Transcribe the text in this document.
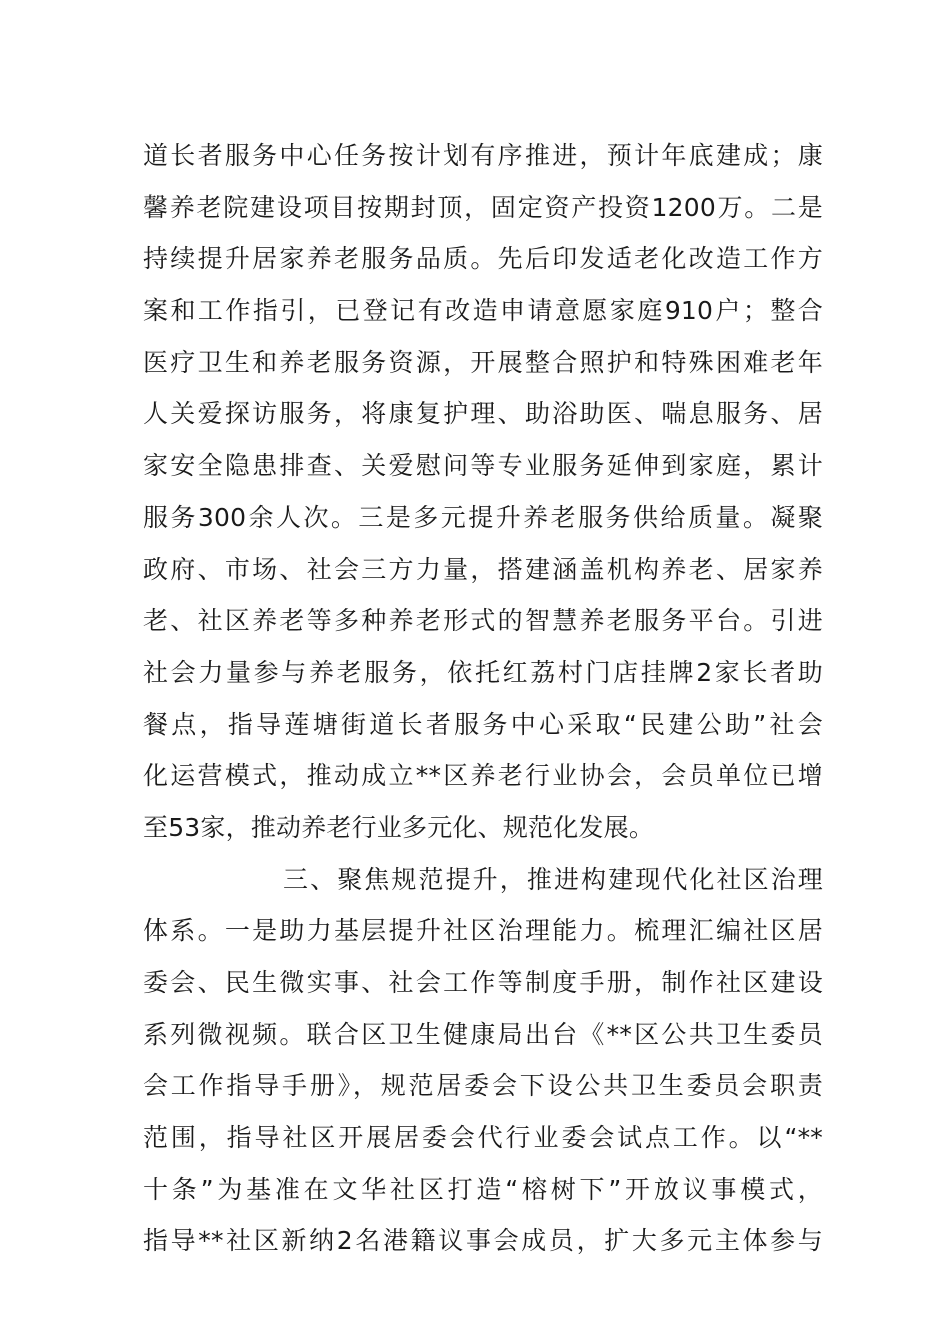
道长者服务中心任务按计划有序推进，预计年底建成；康
馨养老院建设项目按期封顶，固定资产投资1200万。二是
持续提升居家养老服务品质。先后印发适老化改造工作方
案和工作指引，已登记有改造申请意愿家庭910户；整合
医疗卫生和养老服务资源，开展整合照护和特殊困难老年
人关爱探访服务，将康复护理、助浴助医、喘息服务、居
家安全隐患排查、关爱慰问等专业服务延伸到家庭，累计
服务300余人次。三是多元提升养老服务供给质量。凝聚
政府、市场、社会三方力量，搭建涵盖机构养老、居家养
老、社区养老等多种养老形式的智慧养老服务平台。引进
社会力量参与养老服务，依托红荔村门店挂牌2家长者助
餐点，指导莲塘街道长者服务中心采取“民建公助”社会
化运营模式，推动成立**区养老行业协会，会员单位已增
至53家，推动养老行业多元化、规范化发展。
三、聚焦规范提升，推进构建现代化社区治理
体系。一是助力基层提升社区治理能力。梳理汇编社区居
委会、民生微实事、社会工作等制度手册，制作社区建设
系列微视频。联合区卫生健康局出台《**区公共卫生委员
会工作指导手册》，规范居委会下设公共卫生委员会职责
范围，指导社区开展居委会代行业委会试点工作。以“**
十条”为基准在文华社区打造“榕树下”开放议事模式，
指导**社区新纳2名港籍议事会成员，扩大多元主体参与
